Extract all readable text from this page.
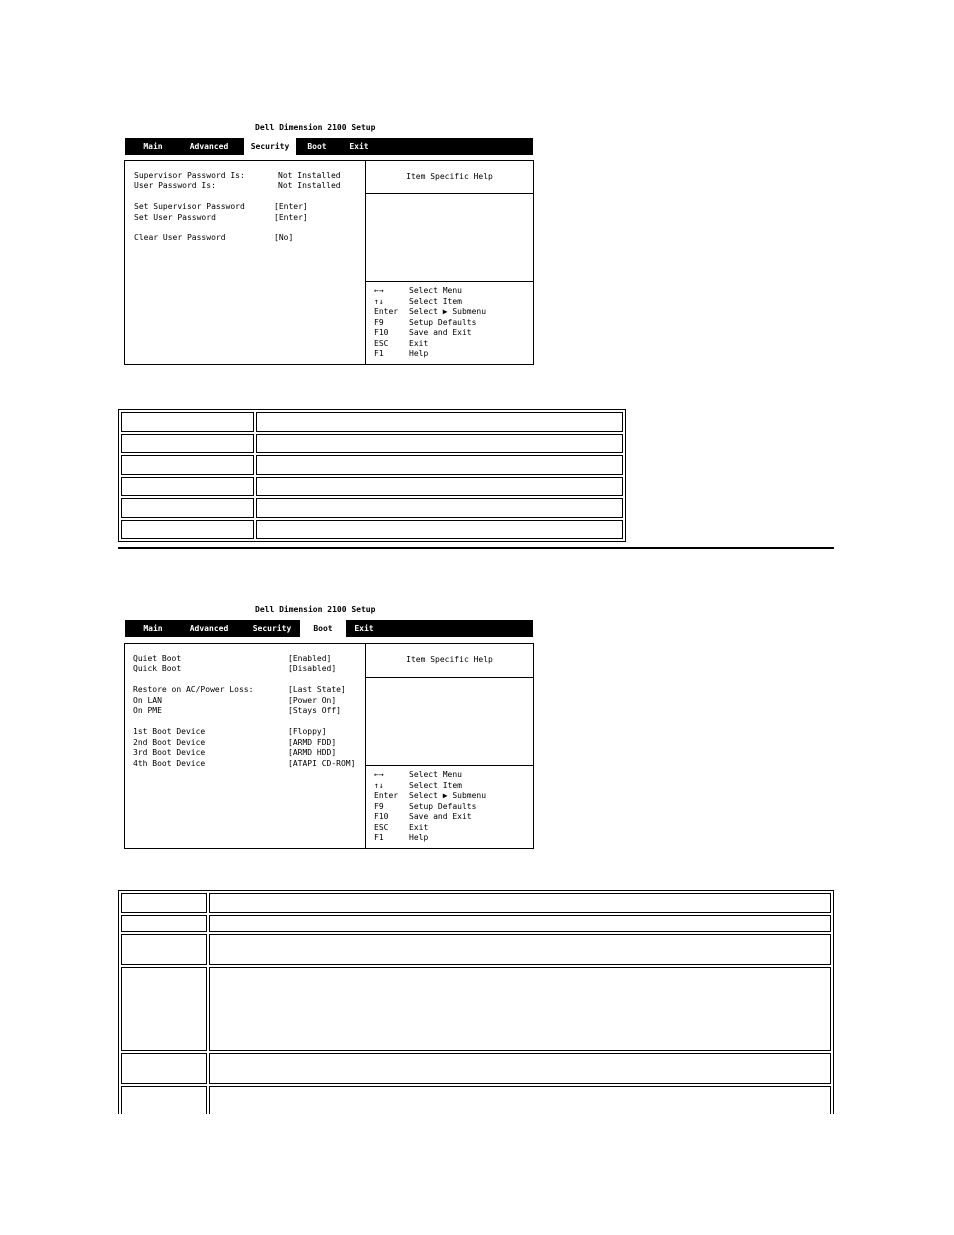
Dell Dimension 2100 Setup
Main	Advanced	Security	Boot	Exit
Supervisor Password Is:	Not Installed
User Password Is:	Not Installed
Set Supervisor Password	[Enter]
Set User Password	[Enter]
Clear User Password	[No]
Item Specific Help
←→	Select Menu
↑↓	Select Item
Enter Select ▶ Submenu
F9	Setup Defaults
F10	Save and Exit
ESC	Exit
F1	Help

Dell Dimension 2100 Setup
Main	Advanced	Security	Boot	Exit
Quiet Boot	[Enabled]
Quick Boot	[Disabled]
Restore on AC/Power Loss:	[Last State]
On LAN	[Power On]
On PME	[Stays Off]
1st Boot Device	[Floppy]
2nd Boot Device	[ARMD FDD]
3rd Boot Device	[ARMD HDD]
4th Boot Device	[ATAPI CD-ROM]
Item Specific Help
←→	Select Menu
↑↓	Select Item
Enter Select ▶ Submenu
F9	Setup Defaults
F10	Save and Exit
ESC	Exit
F1	Help
